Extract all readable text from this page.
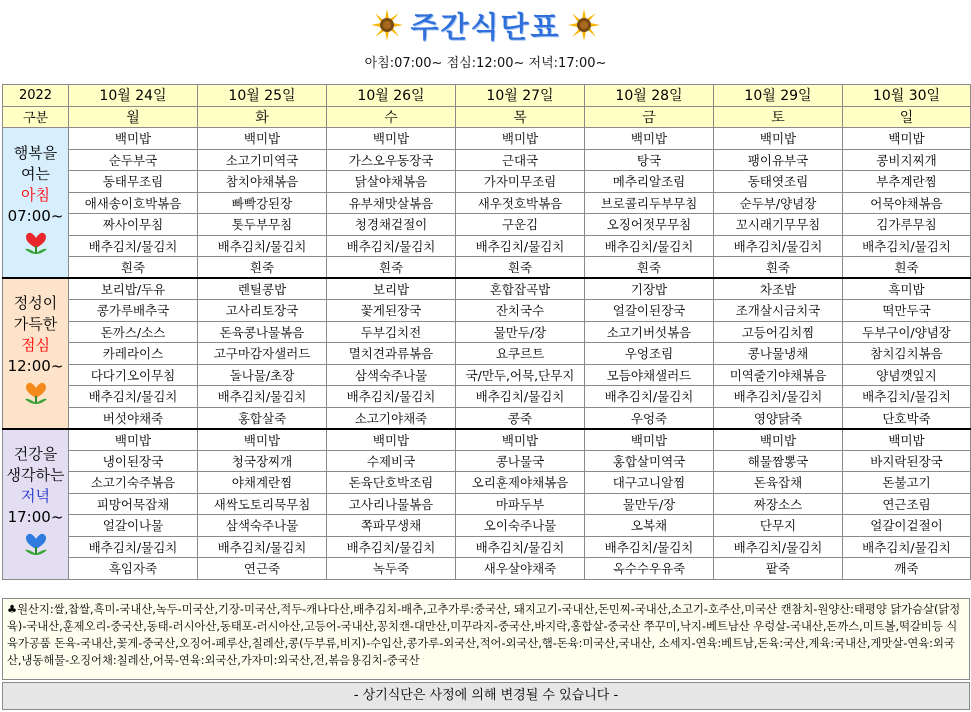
주간식단표
아침:07:00~ 점심:12:00~ 저녁:17:00~
2022	10월 24일	10월 25일	10월 26일	10월 27일	10월 28일	10월 29일	10월 30일
구분	월	화	수	목	금	토	일

행복을
여는
아침
07:00~	백미밥	백미밥	백미밥	백미밥	백미밥	백미밥	백미밥
	순두부국	소고기미역국	가스오우동장국	근대국	탕국	팽이유부국	콩비지찌개
	동태무조림	참치야채볶음	닭살야채볶음	가자미무조림	메추리알조림	동태엿조림	부추계란찜
	애새송이호박볶음	빠빡강된장	유부채맛살볶음	새우젓호박볶음	브로콜리두부무침	순두부/양념장	어묵야채볶음
	짜사이무침	톳두부무침	청경채겉절이	구운김	오징어젓무무침	꼬시래기무무침	김가루무침
	배추김치/물김치	배추김치/물김치	배추김치/물김치	배추김치/물김치	배추김치/물김치	배추김치/물김치	배추김치/물김치
	흰죽	흰죽	흰죽	흰죽	흰죽	흰죽	흰죽

정성이
가득한
점심
12:00~	보리밥/두유	렌틸콩밥	보리밥	혼합잡곡밥	기장밥	차조밥	흑미밥
	콩가루배추국	고사리토장국	꽃게된장국	잔치국수	얼갈이된장국	조개살시금치국	떡만두국
	돈까스/소스	돈육콩나물볶음	두부김치전	물만두/장	소고기버섯볶음	고등어김치찜	두부구이/양념장
	카레라이스	고구마감자샐러드	멸치견과류볶음	요쿠르트	우엉조림	콩나물냉채	참치김치볶음
	다다기오이무침	돌나물/초장	삼색숙주나물	국/만두,어묵,단무지	모듬야채샐러드	미역줄기야채볶음	양념깻잎지
	배추김치/물김치	배추김치/물김치	배추김치/물김치	배추김치/물김치	배추김치/물김치	배추김치/물김치	배추김치/물김치
	버섯야채죽	홍합살죽	소고기야채죽	콩죽	우엉죽	영양닭죽	단호박죽

건강을
생각하는
저녁
17:00~	백미밥	백미밥	백미밥	백미밥	백미밥	백미밥	백미밥
	냉이된장국	청국장찌개	수제비국	콩나물국	홍합살미역국	해물짬뽕국	바지락된장국
	소고기숙주볶음	야채계란찜	돈육단호박조림	오리훈제야채볶음	대구고니알찜	돈육잡채	돈불고기
	피망어묵잡채	새싹도토리묵무침	고사리나물볶음	마파두부	물만두/장	짜장소스	연근조림
	얼갈이나물	삼색숙주나물	쪽파무생채	오이숙주나물	오복채	단무지	얼갈이겉절이
	배추김치/물김치	배추김치/물김치	배추김치/물김치	배추김치/물김치	배추김치/물김치	배추김치/물김치	배추김치/물김치
	흑임자죽	연근죽	녹두죽	새우살야채죽	옥수수우유죽	팥죽	깨죽
♣원산지:쌀,찹쌀,흑미-국내산,녹두-미국산,기장-미국산,적두-캐나다산,배추김치-배추,고추가루:중국산, 돼지고기-국내산,돈민찌-국내산,소고기-호주산,미국산 캔참치-원양산:태평양 닭가슴살(닭정육)-국내산,훈제오리-중국산,동태-러시아산,동태포-러시아산,고등어-국내산,꽁치캔-대만산,미꾸라지-중국산,바지락,홍합살-중국산 쭈꾸미,낙지-베트남산 우렁살-국내산,돈까스,미트볼,떡갈비등 식육가공품 돈육-국내산,꽃게-중국산,오징어-페루산,칠레산,콩(두부류,비지)-수입산,콩가루-외국산,적어-외국산,햄-돈육:미국산,국내산, 소세지-연육:베트남,돈육:국산,계육:국내산,게맛살-연육:외국산,냉동해물-오징어채:칠레산,어묵-연육:외국산,가자미:외국산,전,볶음용김치-중국산
- 상기식단은 사정에 의해 변경될 수 있습니다 -
